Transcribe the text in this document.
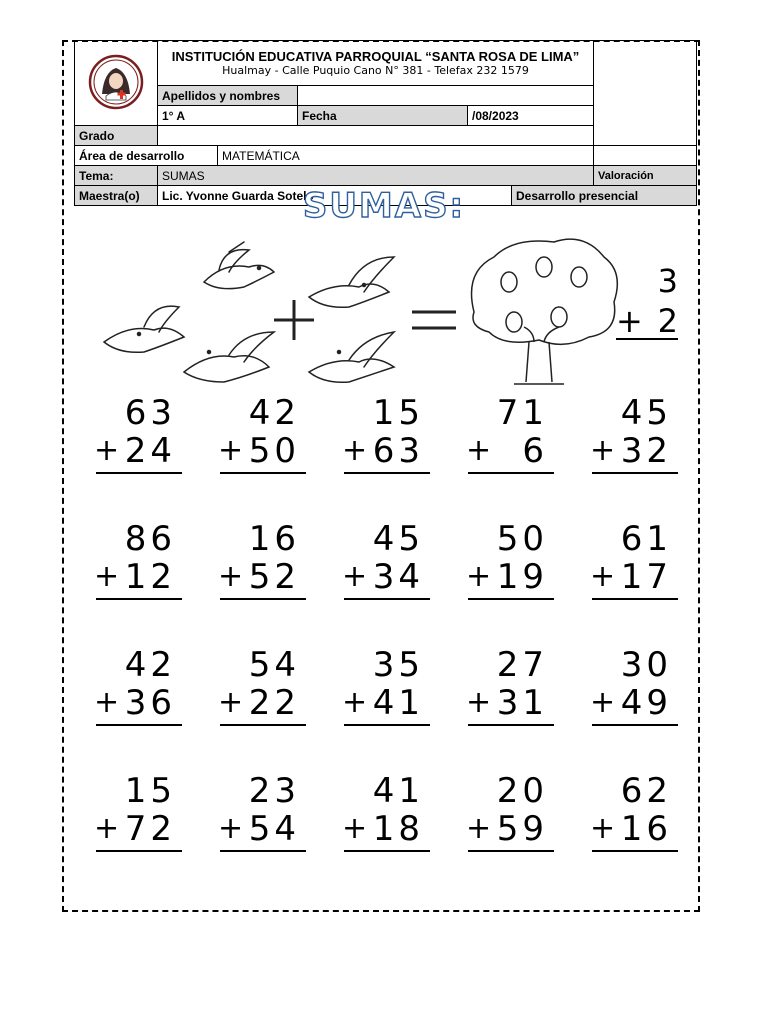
INSTITUCIÓN EDUCATIVA PARROQUIAL “SANTA ROSA DE LIMA”
Hualmay - Calle Puquio Cano N° 381 - Telefax 232 1579					

	Apellidos y nombres					
	1° A		Fecha	/08/2023		
Grado						
Área de desarrollo		MATEMÁTICA				
Tema:	SUMAS					Valoración
Maestra(o)	Lic. Yvonne Guarda Sotelo				Desarrollo presencial	
SUMAS:
3
+ 2
63
+ 24
42
+ 50
15
+ 63
71
+ 6
45
+ 32
86
+ 12
16
+ 52
45
+ 34
50
+ 19
61
+ 17
42
+ 36
54
+ 22
35
+ 41
27
+ 31
30
+ 49
15
+ 72
23
+ 54
41
+ 18
20
+ 59
62
+ 16
